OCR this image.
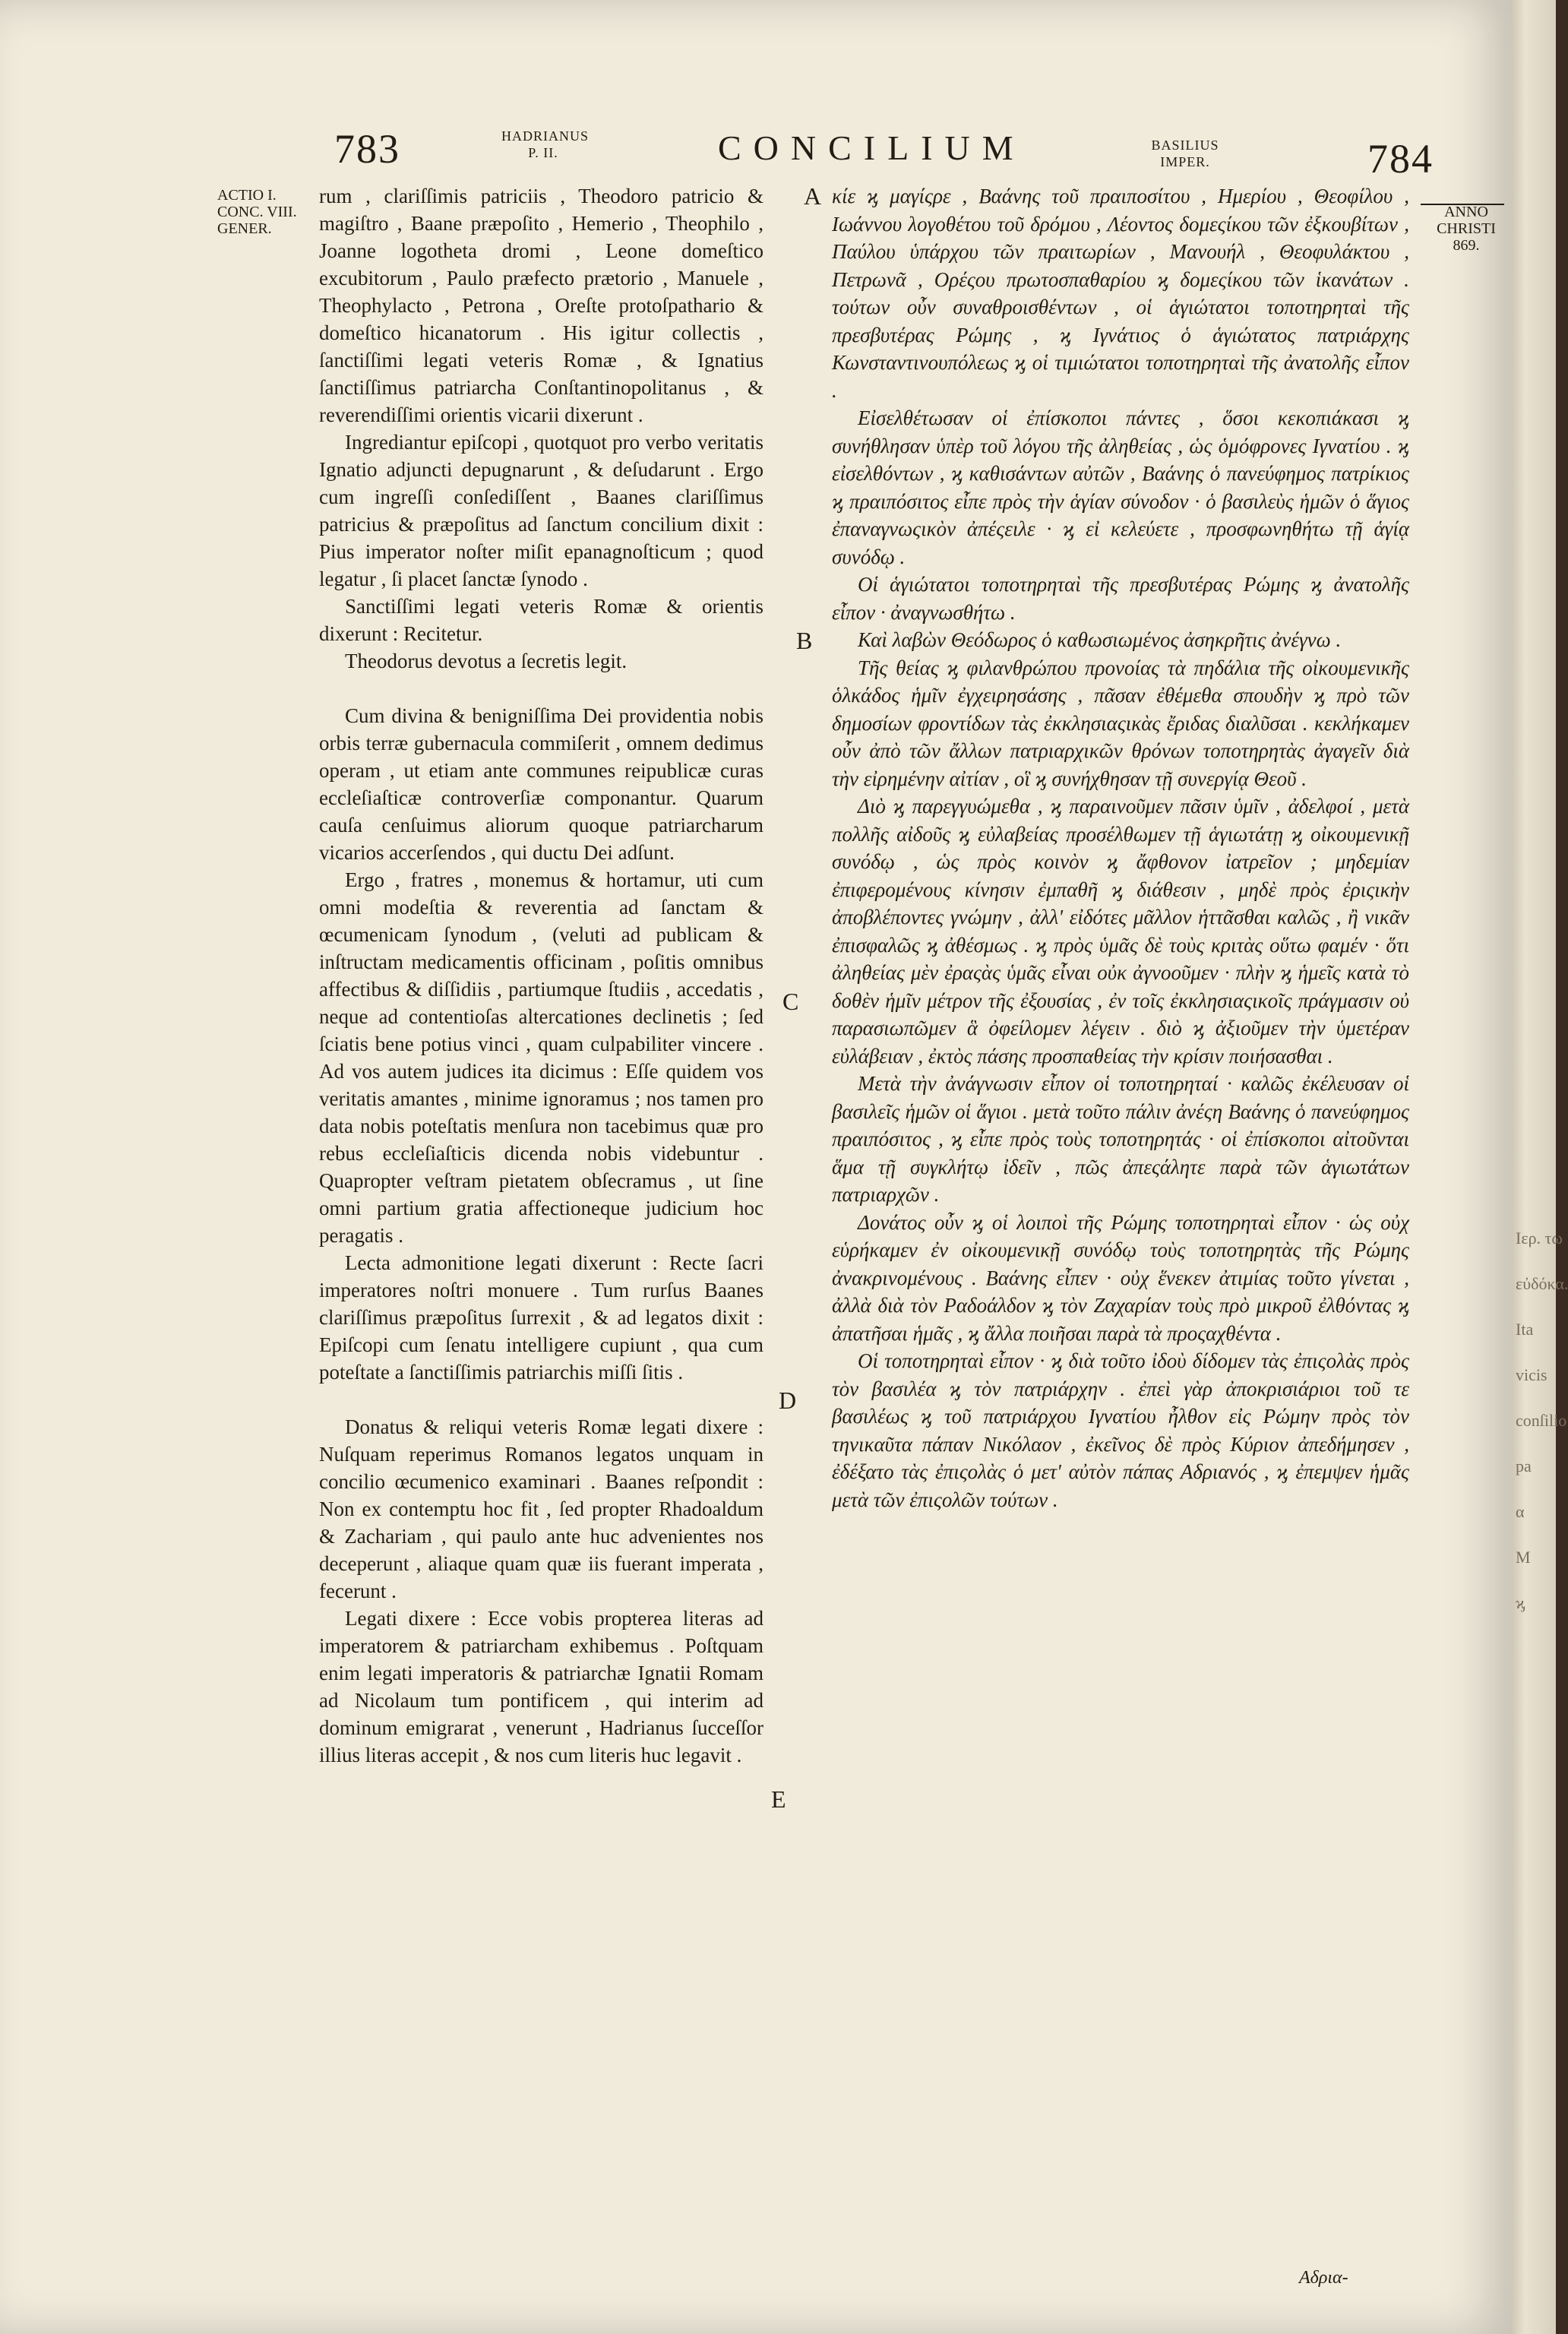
783	HADRIANUS P. II.	CONCILIUM	BASILIUS IMPER.	784
ACTIO I.
CONC. VIII.
GENER.
ANNO
CHRISTI
869.
A
B
C
D
E

rum , clariſſimis patriciis , Theodoro patricio & magiſtro , Baane præpoſito , Hemerio , Theophilo , Joanne logotheta dromi , Leone domeſtico excubitorum , Paulo præfecto prætorio , Manuele , Theophylacto , Petrona , Oreſte protoſpathario & domeſtico hicanatorum . His igitur collectis , ſanctiſſimi legati veteris Romæ , & Ignatius ſanctiſſimus patriarcha Conſtantinopolitanus , & reverendiſſimi orientis vicarii dixerunt .

Ingrediantur epiſcopi , quotquot pro verbo veritatis Ignatio adjuncti depugnarunt , & deſudarunt . Ergo cum ingreſſi conſediſſent , Baanes clariſſimus patricius & præpoſitus ad ſanctum concilium dixit : Pius imperator noſter miſit epanagnoſticum ; quod legatur , ſi placet ſanctæ ſynodo .

Sanctiſſimi legati veteris Romæ & orientis dixerunt : Recitetur.

Theodorus devotus a ſecretis legit.

Cum divina & benigniſſima Dei providentia nobis orbis terræ gubernacula commiſerit , omnem dedimus operam , ut etiam ante communes reipublicæ curas eccleſiaſticæ controverſiæ componantur. Quarum cauſa cenſuimus aliorum quoque patriarcharum vicarios accerſendos , qui ductu Dei adſunt.

Ergo , fratres , monemus & hortamur, uti cum omni modeſtia & reverentia ad ſanctam & œcumenicam ſynodum , (veluti ad publicam & inſtructam medicamentis officinam , poſitis omnibus affectibus & diſſidiis , partiumque ſtudiis , accedatis , neque ad contentioſas altercationes declinetis ; ſed ſciatis bene potius vinci , quam culpabiliter vincere . Ad vos autem judices ita dicimus : Eſſe quidem vos veritatis amantes , minime ignoramus ; nos tamen pro data nobis poteſtatis menſura non tacebimus quæ pro rebus eccleſiaſticis dicenda nobis videbuntur . Quapropter veſtram pietatem obſecramus , ut ſine omni partium gratia affectioneque judicium hoc peragatis .

Lecta admonitione legati dixerunt : Recte ſacri imperatores noſtri monuere . Tum rurſus Baanes clariſſimus præpoſitus ſurrexit , & ad legatos dixit : Epiſcopi cum ſenatu intelligere cupiunt , qua cum poteſtate a ſanctiſſimis patriarchis miſſi ſitis .

Donatus & reliqui veteris Romæ legati dixere : Nuſquam reperimus Romanos legatos unquam in concilio œcumenico examinari . Baanes reſpondit : Non ex contemptu hoc fit , ſed propter Rhadoaldum & Zachariam , qui paulo ante huc advenientes nos deceperunt , aliaque quam quæ iis fuerant imperata , fecerunt .

Legati dixere : Ecce vobis propterea literas ad imperatorem & patriarcham exhibemus . Poſtquam enim legati imperatoris & patriarchæ Ignatii Romam ad Nicolaum tum pontificem , qui interim ad dominum emigrarat , venerunt , Hadrianus ſucceſſor illius literas accepit , & nos cum literis huc legavit .

κίε ϗ μαγίςρε , Βαάνης τοῦ πραιποσίτου , Ημερίου , Θεοφίλου , Ιωάννου λογοθέτου τοῦ δρόμου , Λέοντος δομεςίκου τῶν ἐξκουβίτων , Παύλου ὑπάρχου τῶν πραιτωρίων , Μανουήλ , Θεοφυλάκτου , Πετρωνᾶ , Ορέςου πρωτοσπαθαρίου ϗ δομεςίκου τῶν ἱκανάτων . τούτων οὖν συναθροισθέντων , οἱ ἁγιώτατοι τοποτηρηταὶ τῆς πρεσβυτέρας Ρώμης , ϗ Ιγνάτιος ὁ ἁγιώτατος πατριάρχης Κωνσταντινουπόλεως ϗ οἱ τιμιώτατοι τοποτηρηταὶ τῆς ἀνατολῆς εἶπον .

Εἰσελθέτωσαν οἱ ἐπίσκοποι πάντες , ὅσοι κεκοπιάκασι ϗ συνήθλησαν ὑπὲρ τοῦ λόγου τῆς ἀληθείας , ὡς ὁμόφρονες Ιγνατίου . ϗ εἰσελθόντων , ϗ καθισάντων αὐτῶν , Βαάνης ὁ πανεύφημος πατρίκιος ϗ πραιπόσιτος εἶπε πρὸς τὴν ἁγίαν σύνοδον · ὁ βασιλεὺς ἡμῶν ὁ ἅγιος ἐπαναγνωςικὸν ἀπέςειλε · ϗ εἰ κελεύετε , προσφωνηθήτω τῇ ἁγίᾳ συνόδῳ .

Οἱ ἁγιώτατοι τοποτηρηταὶ τῆς πρεσβυτέρας Ρώμης ϗ ἀνατολῆς εἶπον · ἀναγνωσθήτω .

Καὶ λαβὼν Θεόδωρος ὁ καθωσιωμένος ἀσηκρῆτις ἀνέγνω .

Τῆς θείας ϗ φιλανθρώπου προνοίας τὰ πηδάλια τῆς οἰκουμενικῆς ὁλκάδος ἡμῖν ἐγχειρησάσης , πᾶσαν ἐθέμεθα σπουδὴν ϗ πρὸ τῶν δημοσίων φροντίδων τὰς ἐκκλησιαςικὰς ἔριδας διαλῦσαι . κεκλήκαμεν οὖν ἀπὸ τῶν ἄλλων πατριαρχικῶν θρόνων τοποτηρητὰς ἀγαγεῖν διὰ τὴν εἰρημένην αἰτίαν , οἳ ϗ συνήχθησαν τῇ συνεργίᾳ Θεοῦ .

Διὸ ϗ παρεγγυώμεθα , ϗ παραινοῦμεν πᾶσιν ὑμῖν , ἀδελφοί , μετὰ πολλῆς αἰδοῦς ϗ εὐλαβείας προσέλθωμεν τῇ ἁγιωτάτῃ ϗ οἰκουμενικῇ συνόδῳ , ὡς πρὸς κοινὸν ϗ ἄφθονον ἰατρεῖον ; μηδεμίαν ἐπιφερομένους κίνησιν ἐμπαθῆ ϗ διάθεσιν , μηδὲ πρὸς ἐριςικὴν ἀποβλέποντες γνώμην , ἀλλ' εἰδότες μᾶλλον ἡττᾶσθαι καλῶς , ἢ νικᾶν ἐπισφαλῶς ϗ ἀθέσμως . ϗ πρὸς ὑμᾶς δὲ τοὺς κριτὰς οὕτω φαμέν · ὅτι ἀληθείας μὲν ἐραςὰς ὑμᾶς εἶναι οὐκ ἀγνοοῦμεν · πλὴν ϗ ἡμεῖς κατὰ τὸ δοθὲν ἡμῖν μέτρον τῆς ἐξουσίας , ἐν τοῖς ἐκκλησιαςικοῖς πράγμασιν οὐ παρασιωπῶμεν ἃ ὀφείλομεν λέγειν . διὸ ϗ ἀξιοῦμεν τὴν ὑμετέραν εὐλάβειαν , ἐκτὸς πάσης προσπαθείας τὴν κρίσιν ποιήσασθαι .

Μετὰ τὴν ἀνάγνωσιν εἶπον οἱ τοποτηρηταί · καλῶς ἐκέλευσαν οἱ βασιλεῖς ἡμῶν οἱ ἅγιοι . μετὰ τοῦτο πάλιν ἀνέςη Βαάνης ὁ πανεύφημος πραιπόσιτος , ϗ εἶπε πρὸς τοὺς τοποτηρητάς · οἱ ἐπίσκοποι αἰτοῦνται ἅμα τῇ συγκλήτῳ ἰδεῖν , πῶς ἀπεςάλητε παρὰ τῶν ἁγιωτάτων πατριαρχῶν .

Δονάτος οὖν ϗ οἱ λοιποὶ τῆς Ρώμης τοποτηρηταὶ εἶπον · ὡς οὐχ εὑρήκαμεν ἐν οἰκουμενικῇ συνόδῳ τοὺς τοποτηρητὰς τῆς Ρώμης ἀνακρινομένους . Βαάνης εἶπεν · οὐχ ἕνεκεν ἀτιμίας τοῦτο γίνεται , ἀλλὰ διὰ τὸν Ραδοάλδον ϗ τὸν Ζαχαρίαν τοὺς πρὸ μικροῦ ἐλθόντας ϗ ἀπατῆσαι ἡμᾶς , ϗ ἄλλα ποιῆσαι παρὰ τὰ προςαχθέντα .

Οἱ τοποτηρηταὶ εἶπον · ϗ διὰ τοῦτο ἰδοὺ δίδομεν τὰς ἐπιςολὰς πρὸς τὸν βασιλέα ϗ τὸν πατριάρχην . ἐπεὶ γὰρ ἀποκρισιάριοι τοῦ τε βασιλέως ϗ τοῦ πατριάρχου Ιγνατίου ἦλθον εἰς Ρώμην πρὸς τὸν τηνικαῦτα πάπαν Νικόλαον , ἐκεῖνος δὲ πρὸς Κύριον ἀπεδήμησεν , ἐδέξατο τὰς ἐπιςολὰς ὁ μετ' αὐτὸν πάπας Αδριανός , ϗ ἐπεμψεν ἡμᾶς μετὰ τῶν ἐπιςολῶν τούτων .

Αδρια-
Ιερ. τω
εὐδόκα.
Ita vicis
conſilio
pa
α
Μ
ϗ
